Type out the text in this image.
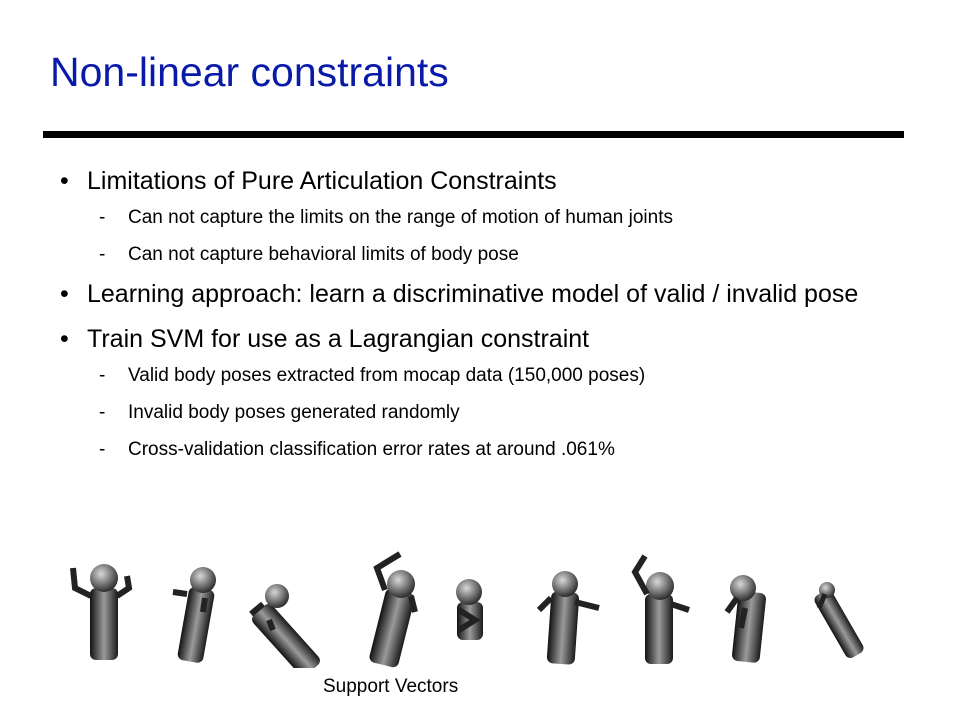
Non-linear constraints
• Limitations of Pure Articulation Constraints
- Can not capture the limits on the range of motion of human joints
- Can not capture behavioral limits of body pose
• Learning approach: learn a discriminative model of valid / invalid pose
• Train SVM for use as a Lagrangian constraint
- Valid body poses extracted from mocap data (150,000 poses)
- Invalid body poses generated randomly
- Cross-validation classification error rates at around .061%
Support Vectors
